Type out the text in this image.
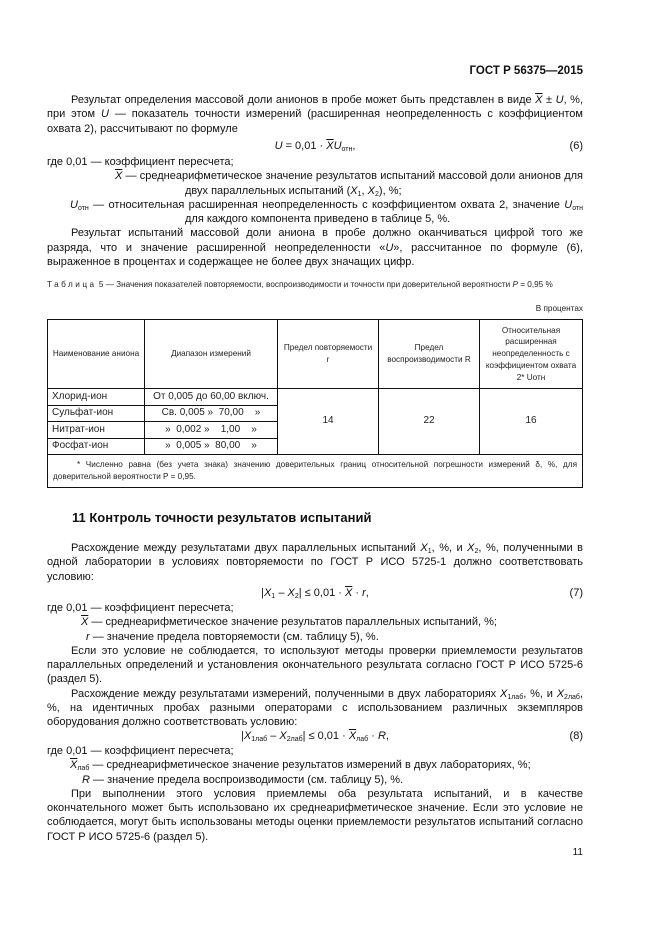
ГОСТ Р 56375—2015

Результат определения массовой доли анионов в пробе может быть представлен в виде $\overline{X} \pm U$, %, при этом U — показатель точности измерений (расширенная неопределенность с коэффициентом охвата 2), рассчитывают по формуле

$U = 0,01 \cdot \overline{X}U_{отн}$,	(6)

где 0,01 — коэффициент пересчета;

$\overline{X}$ — среднеарифметическое значение результатов испытаний массовой доли анионов для двух параллельных испытаний ($X_1$, $X_2$), %;

$U_{отн}$ — относительная расширенная неопределенность с коэффициентом охвата 2, значение $U_{отн}$ для каждого компонента приведено в таблице 5, %.

Результат испытаний массовой доли аниона в пробе должно оканчиваться цифрой того же разряда, что и значение расширенной неопределенности «U», рассчитанное по формуле (6), выраженное в процентах и содержащее не более двух значащих цифр.

Таблица 5 — Значения показателей повторяемости, воспроизводимости и точности при доверительной вероятности P = 0,95 %
В процентах
Наименование аниона	Диапазон измерений	Предел повторяемости r	Предел воспроизводимости R	Относительная расширенная неопределенность с коэффициентом охвата 2* Uотн
Хлорид-ион	От 0,005 до 60,00 включ.	14	22	16
Сульфат-ион	Св. 0,005 »  70,00    »			
Нитрат-ион	»  0,002 »    1,00    »			
Фосфат-ион	»  0,005 »  80,00    »			
* Численно равна (без учета знака) значению доверительных границ относительной погрешности измерений δ, %, для доверительной вероятности P = 0,95.				
11 Контроль точности результатов испытаний

Расхождение между результатами двух параллельных испытаний $X_1$, %, и $X_2$, %, полученными в одной лаборатории в условиях повторяемости по ГОСТ Р ИСО 5725-1 должно соответствовать условию:

$|X_1 - X_2| \le 0,01 \cdot \overline{X} \cdot r$,	(7)

где 0,01 — коэффициент пересчета;

$\overline{X}$ — среднеарифметическое значение результатов параллельных испытаний, %;

r — значение предела повторяемости (см. таблицу 5), %.

Если это условие не соблюдается, то используют методы проверки приемлемости результатов параллельных определений и установления окончательного результата согласно ГОСТ Р ИСО 5725-6 (раздел 5).

Расхождение между результатами измерений, полученными в двух лабораториях $X_{1лаб}$, %, и $X_{2лаб}$, %, на идентичных пробах разными операторами с использованием различных экземпляров оборудования должно соответствовать условию:

$|X_{1лаб} - X_{2лаб}| \le 0,01 \cdot \overline{X}_{лаб} \cdot R$,	(8)

где 0,01 — коэффициент пересчета;

$\overline{X}_{лаб}$ — среднеарифметическое значение результатов измерений в двух лабораториях, %;

R — значение предела воспроизводимости (см. таблицу 5), %.

При выполнении этого условия приемлемы оба результата испытаний, и в качестве окончательного может быть использовано их среднеарифметическое значение. Если это условие не соблюдается, могут быть использованы методы оценки приемлемости результатов испытаний согласно ГОСТ Р ИСО 5725-6 (раздел 5).

11
